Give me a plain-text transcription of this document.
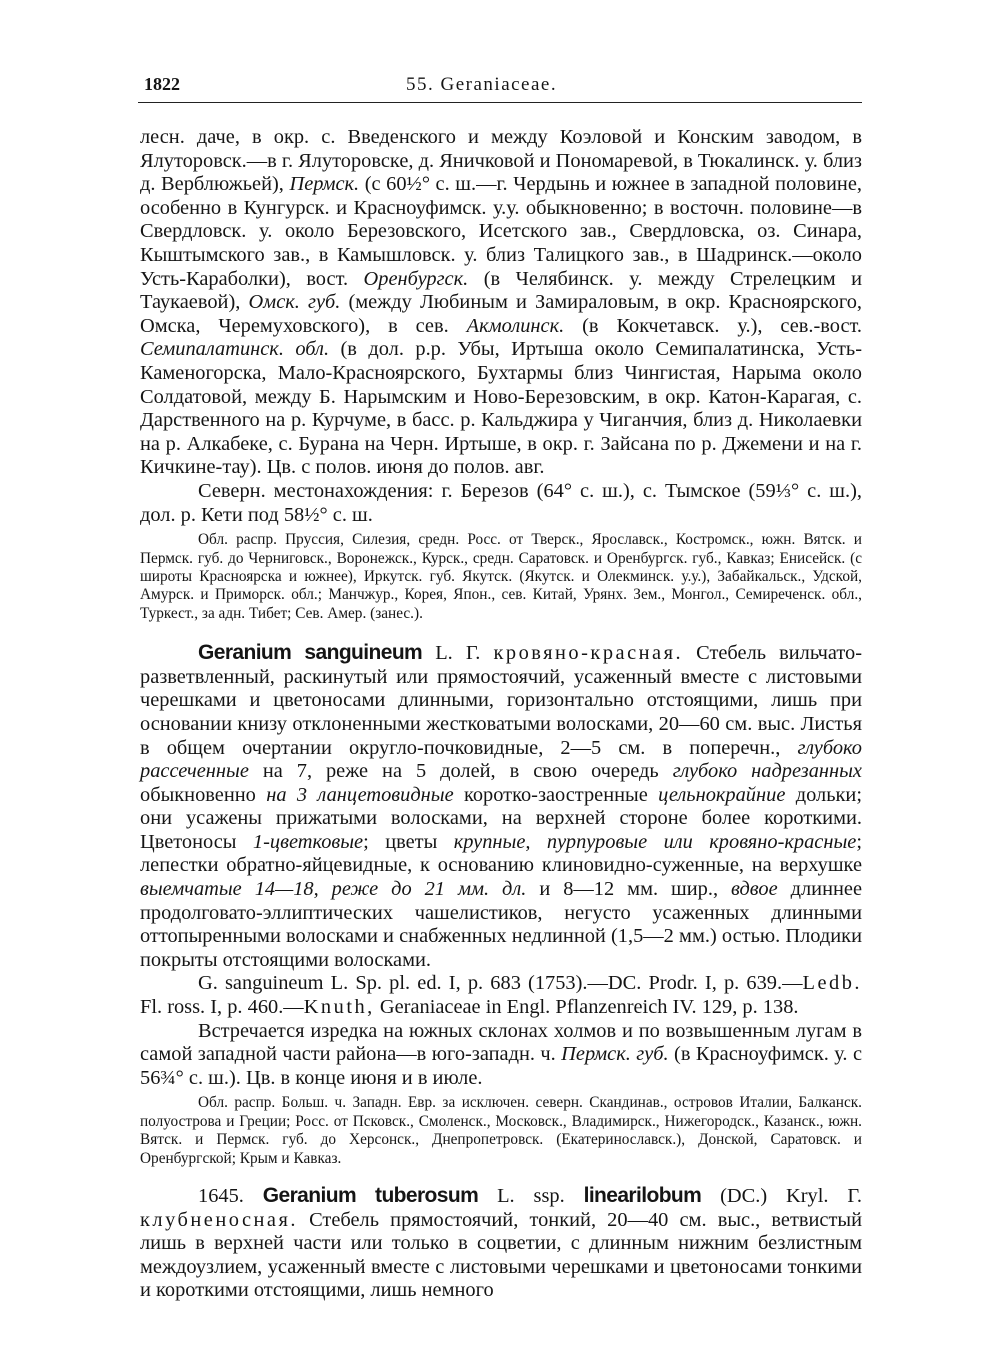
1822	55. Geraniaceae.

лесн. даче, в окр. с. Введенского и между Коэловой и Конским заводом, в Ялуторовск.—в г. Ялуторовске, д. Яничковой и Пономаревой, в Тюкалинск. у. близ д. Верблюжьей), Пермск. (с 60½° с. ш.—г. Чердынь и южнее в западной половине, особенно в Кунгурск. и Красноуфимск. у.у. обыкновенно; в восточн. половине—в Свердловск. у. около Березовского, Исетского зав., Свердловска, оз. Синара, Кыштымского зав., в Камышловск. у. близ Талицкого зав., в Шадринск.—около Усть-Караболки), вост. Оренбургск. (в Челябинск. у. между Стрелецким и Таукаевой), Омск. губ. (между Любиным и Замираловым, в окр. Красноярского, Омска, Черемуховского), в сев. Акмолинск. (в Кокчетавск. у.), сев.-вост. Семипалатинск. обл. (в дол. р.р. Убы, Иртыша около Семипалатинска, Усть-Каменогорска, Мало-Красноярского, Бухтармы близ Чингистая, Нарыма около Солдатовой, между Б. Нарымским и Ново-Березовским, в окр. Катон-Карагая, с. Дарственного на р. Курчуме, в басс. р. Кальджира у Чиганчия, близ д. Николаевки на р. Алкабеке, с. Бурана на Черн. Иртыше, в окр. г. Зайсана по р. Джемени и на г. Кичкине-тау). Цв. с полов. июня до полов. авг.

Северн. местонахождения: г. Березов (64° с. ш.), с. Тымское (59⅓° с. ш.), дол. р. Кети под 58½° с. ш.

Обл. распр. Пруссия, Силезия, средн. Росс. от Тверск., Ярославск., Костромск., южн. Вятск. и Пермск. губ. до Черниговск., Воронежск., Курск., средн. Саратовск. и Оренбургск. губ., Кавказ; Енисейск. (с широты Красноярска и южнее), Иркутск. губ. Якутск. (Якутск. и Олекминск. у.у.), Забайкальск., Удской, Амурск. и Приморск. обл.; Манчжур., Корея, Япон., сев. Китай, Урянх. Зем., Монгол., Семиреченск. обл., Туркест., за адн. Тибет; Сев. Амер. (занес.).

Geranium sanguineum L. Г. кровяно-красная. Стебель вильчато-разветвленный, раскинутый или прямостоячий, усаженный вместе с листовыми черешками и цветоносами длинными, горизонтально отстоящими, лишь при основании книзу отклоненными жестковатыми волосками, 20—60 см. выс. Листья в общем очертании округло-почковидные, 2—5 см. в поперечн., глубоко рассеченные на 7, реже на 5 долей, в свою очередь глубоко надрезанных обыкновенно на 3 ланцетовидные коротко-заостренные цельнокрайние дольки; они усажены прижатыми волосками, на верхней стороне более короткими. Цветоносы 1-цветковые; цветы крупные, пурпуровые или кровяно-красные; лепестки обратно-яйцевидные, к основанию клиновидно-суженные, на верхушке выемчатые 14—18, реже до 21 мм. дл. и 8—12 мм. шир., вдвое длиннее продолговато-эллиптических чашелистиков, негусто усаженных длинными оттопыренными волосками и снабженных недлинной (1,5—2 мм.) остью. Плодики покрыты отстоящими волосками.

G. sanguineum L. Sp. pl. ed. I, p. 683 (1753).—DC. Prodr. I, p. 639.—Ledb. Fl. ross. I, p. 460.—Knuth, Geraniaceae in Engl. Pflanzenreich IV. 129, p. 138.

Встречается изредка на южных склонах холмов и по возвышенным лугам в самой западной части района—в юго-западн. ч. Пермск. губ. (в Красноуфимск. у. с 56¾° с. ш.). Цв. в конце июня и в июле.

Обл. распр. Больш. ч. Западн. Евр. за исключен. северн. Скандинав., островов Италии, Балканск. полуострова и Греции; Росс. от Псковск., Смоленск., Московск., Владимирск., Нижегородск., Казанск., южн. Вятск. и Пермск. губ. до Херсонск., Днепропетровск. (Екатеринославск.), Донской, Саратовск. и Оренбургской; Крым и Кавказ.

1645. Geranium tuberosum L. ssp. linearilobum (DC.) Kryl. Г. клубненосная. Стебель прямостоячий, тонкий, 20—40 см. выс., ветвистый лишь в верхней части или только в соцветии, с длинным нижним безлистным междоузлием, усаженный вместе с листовыми черешками и цветоносами тонкими и короткими отстоящими, лишь немного
